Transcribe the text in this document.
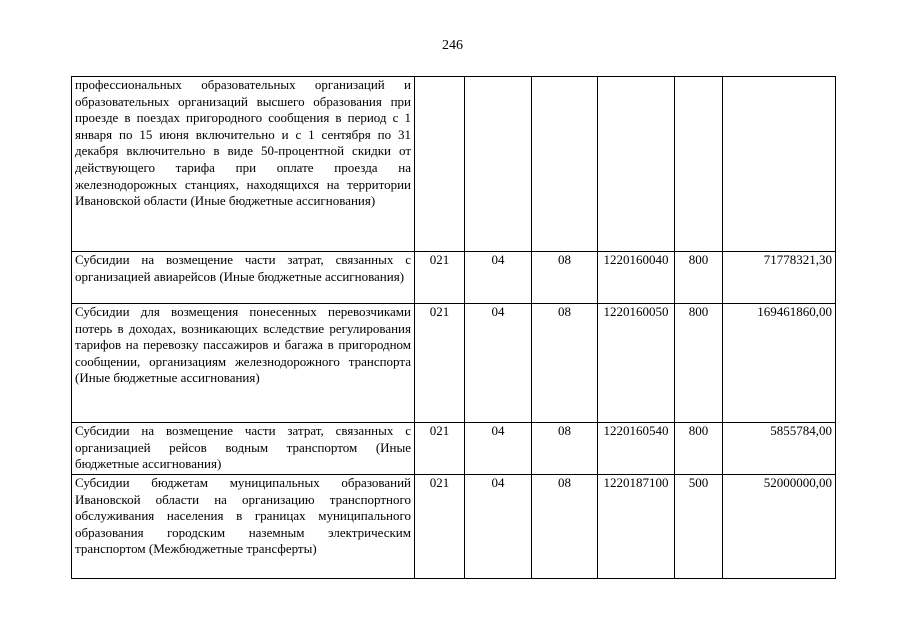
246
профессиональных образовательных организаций и образовательных организаций высшего образования при проезде в поездах пригородного сообщения в период с 1 января по 15 июня включительно и с 1 сентября по 31 декабря включительно в виде 50-процентной скидки от действующего тарифа при оплате проезда на железнодорожных станциях, находящихся на территории Ивановской области (Иные бюджетные ассигнования)						
Субсидии на возмещение части затрат, связанных с организацией авиарейсов (Иные бюджетные ассигнования)	021	04	08	1220160040	800	71778321,30
Субсидии для возмещения понесенных перевозчиками потерь в доходах, возникающих вследствие регулирования тарифов на перевозку пассажиров и багажа в пригородном сообщении, организациям железнодорожного транспорта (Иные бюджетные ассигнования)	021	04	08	1220160050	800	169461860,00
Субсидии на возмещение части затрат, связанных с организацией рейсов водным транспортом (Иные бюджетные ассигнования)	021	04	08	1220160540	800	5855784,00
Субсидии бюджетам муниципальных образований Ивановской области на организацию транспортного обслуживания населения в границах муниципального образования городским наземным электрическим транспортом (Межбюджетные трансферты)	021	04	08	1220187100	500	52000000,00
